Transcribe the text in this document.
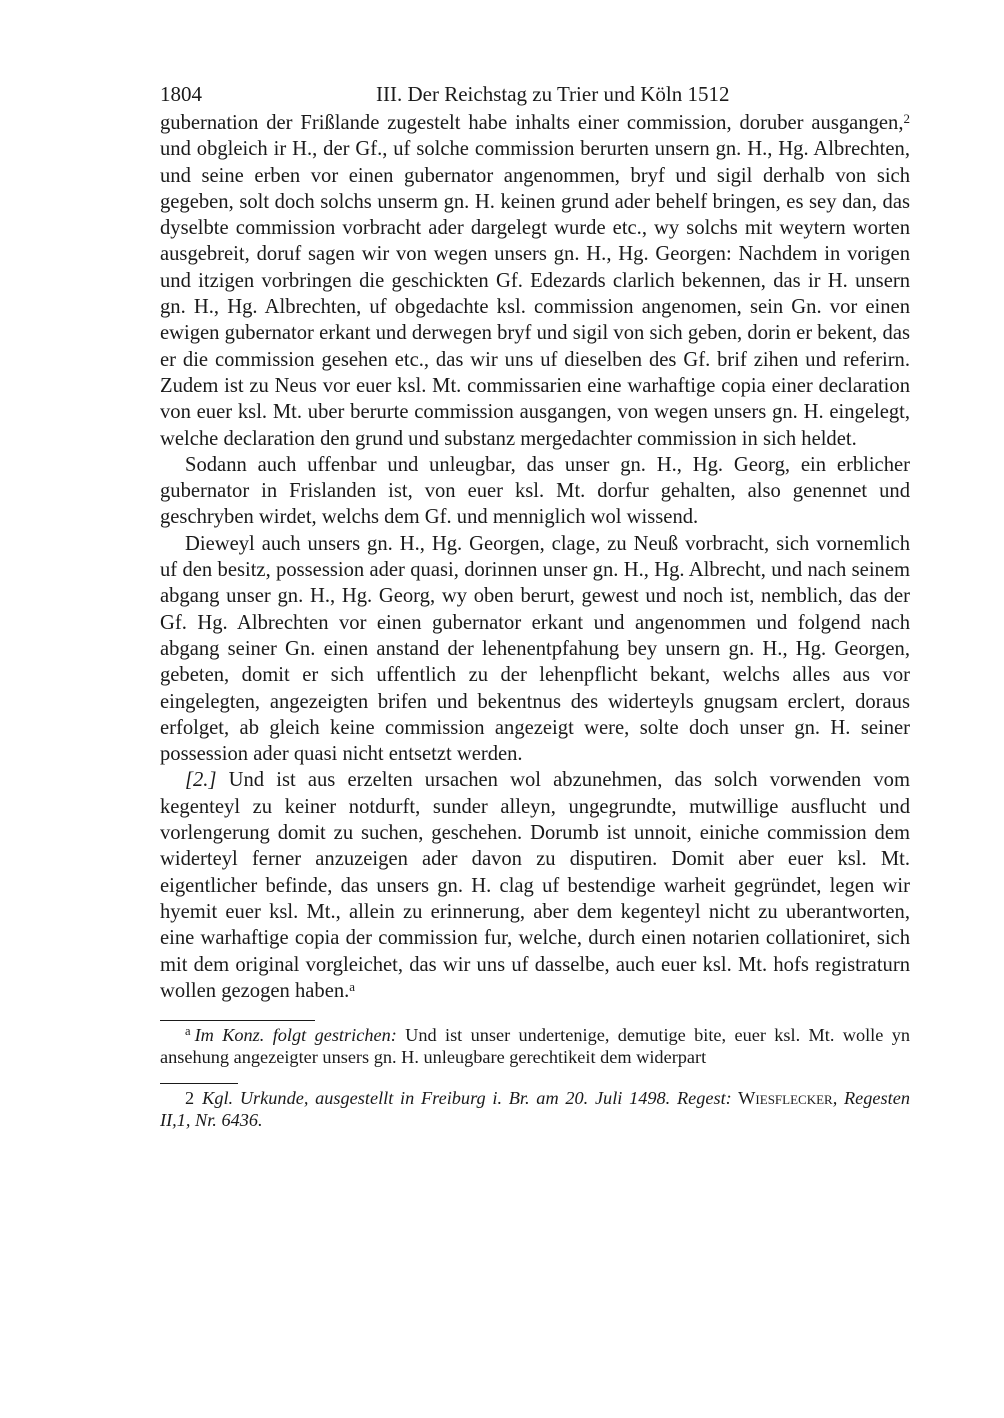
1804	III. Der Reichstag zu Trier und Köln 1512

gubernation der Frißlande zugestelt habe inhalts einer commission, doruber ausgangen,$^2$ und obgleich ir H., der Gf., uf solche commission berurten unsern gn. H., Hg. Albrechten, und seine erben vor einen gubernator angenommen, bryf und sigil derhalb von sich gegeben, solt doch solchs unserm gn. H. keinen grund ader behelf bringen, es sey dan, das dyselbte commission vorbracht ader dargelegt wurde etc., wy solchs mit weytern worten ausgebreit, doruf sagen wir von wegen unsers gn. H., Hg. Georgen: Nachdem in vorigen und itzigen vorbringen die geschickten Gf. Edezards clarlich bekennen, das ir H. unsern gn. H., Hg. Albrechten, uf obgedachte ksl. commission angenomen, sein Gn. vor einen ewigen gubernator erkant und derwegen bryf und sigil von sich geben, dorin er bekent, das er die commission gesehen etc., das wir uns uf dieselben des Gf. brif zihen und referirn. Zudem ist zu Neus vor euer ksl. Mt. commissarien eine warhaftige copia einer declaration von euer ksl. Mt. uber berurte commission ausgangen, von wegen unsers gn. H. eingelegt, welche declaration den grund und substanz mergedachter commission in sich heldet.

Sodann auch uffenbar und unleugbar, das unser gn. H., Hg. Georg, ein erblicher gubernator in Frislanden ist, von euer ksl. Mt. dorfur gehalten, also genennet und geschryben wirdet, welchs dem Gf. und menniglich wol wissend.

Dieweyl auch unsers gn. H., Hg. Georgen, clage, zu Neuß vorbracht, sich vornemlich uf den besitz, possession ader quasi, dorinnen unser gn. H., Hg. Albrecht, und nach seinem abgang unser gn. H., Hg. Georg, wy oben berurt, gewest und noch ist, nemblich, das der Gf. Hg. Albrechten vor einen gubernator erkant und angenommen und folgend nach abgang seiner Gn. einen anstand der lehenentpfahung bey unsern gn. H., Hg. Georgen, gebeten, domit er sich uffentlich zu der lehenpflicht bekant, welchs alles aus vor eingelegten, angezeigten brifen und bekentnus des widerteyls gnugsam erclert, doraus erfolget, ab gleich keine commission angezeigt were, solte doch unser gn. H. seiner possession ader quasi nicht entsetzt werden.

[2.] Und ist aus erzelten ursachen wol abzunehmen, das solch vorwenden vom kegenteyl zu keiner notdurft, sunder alleyn, ungegrundte, mutwillige ausflucht und vorlengerung domit zu suchen, geschehen. Dorumb ist unnoit, einiche commission dem widerteyl ferner anzuzeigen ader davon zu disputiren. Domit aber euer ksl. Mt. eigentlicher befinde, das unsers gn. H. clag uf bestendige warheit gegründet, legen wir hyemit euer ksl. Mt., allein zu erinnerung, aber dem kegenteyl nicht zu uberantworten, eine warhaftige copia der commission fur, welche, durch einen notarien collationiret, sich mit dem original vorgleichet, das wir uns uf dasselbe, auch euer ksl. Mt. hofs registraturn wollen gezogen haben.$^a$

$^a$ Im Konz. folgt gestrichen: Und ist unser undertenige, demutige bite, euer ksl. Mt. wolle yn ansehung angezeigter unsers gn. H. unleugbare gerechtikeit dem widerpart

2 Kgl. Urkunde, ausgestellt in Freiburg i. Br. am 20. Juli 1498. Regest: Wiesflecker, Regesten II,1, Nr. 6436.
